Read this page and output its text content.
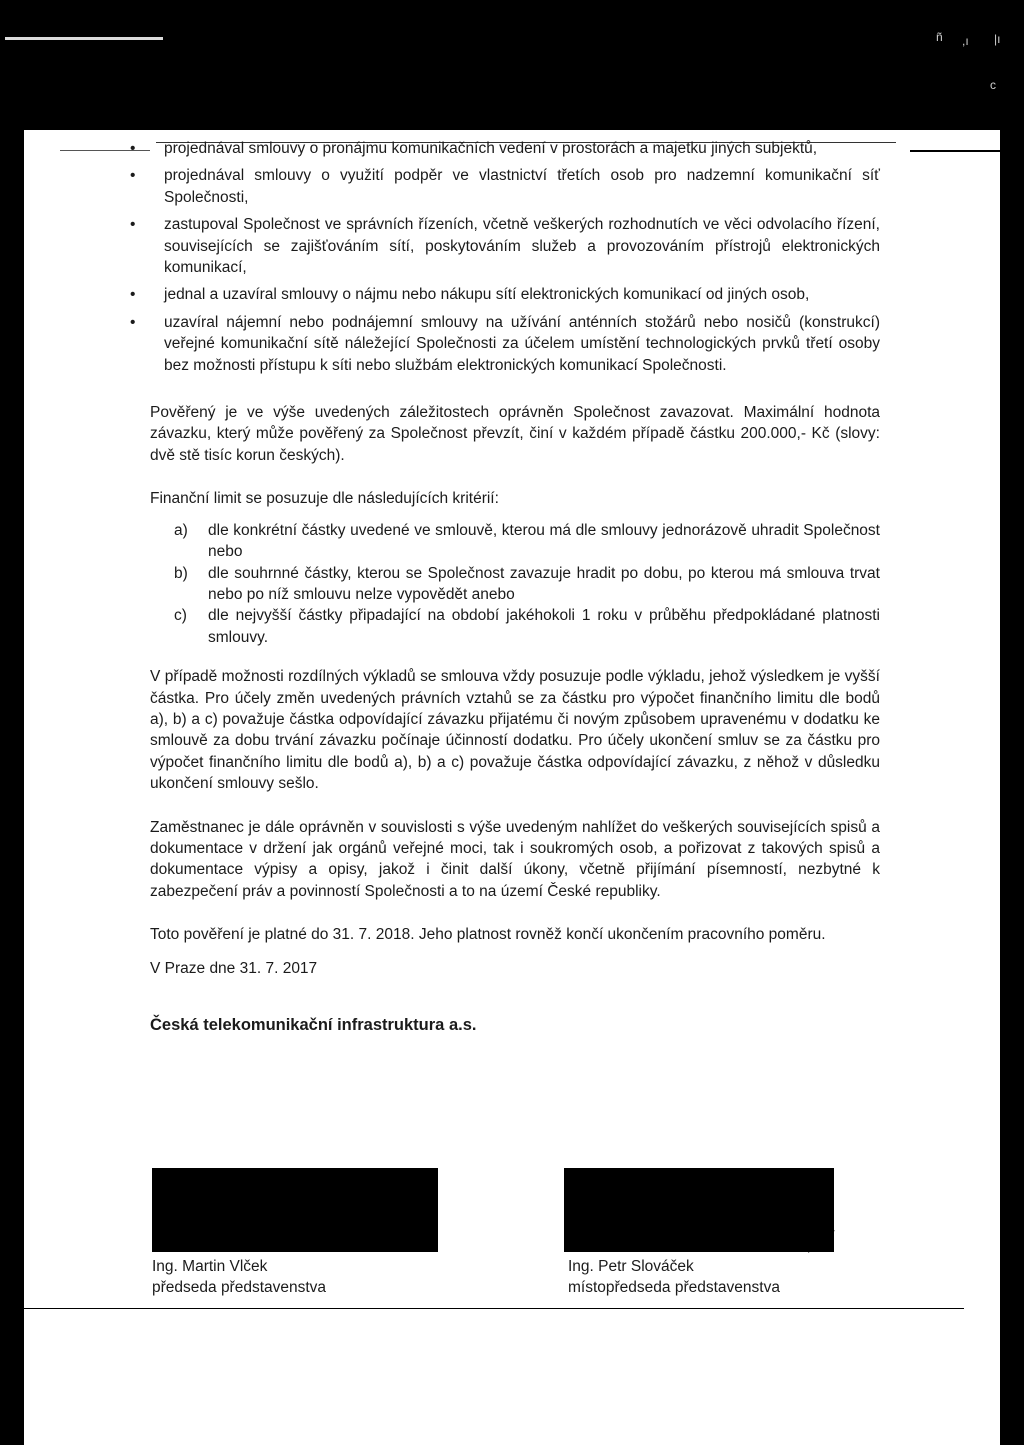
ñ ,ı |ı
c
• projednával smlouvy o pronájmu komunikačních vedení v prostorách a majetku jiných subjektů,
• projednával smlouvy o využití podpěr ve vlastnictví třetích osob pro nadzemní komunikační síť Společnosti,
• zastupoval Společnost ve správních řízeních, včetně veškerých rozhodnutích ve věci odvolacího řízení, souvisejících se zajišťováním sítí, poskytováním služeb a provozováním přístrojů elektronických komunikací,
• jednal a uzavíral smlouvy o nájmu nebo nákupu sítí elektronických komunikací od jiných osob,
• uzavíral nájemní nebo podnájemní smlouvy na užívání anténních stožárů nebo nosičů (konstrukcí) veřejné komunikační sítě náležející Společnosti za účelem umístění technologických prvků třetí osoby bez možnosti přístupu k síti nebo službám elektronických komunikací Společnosti.

Pověřený je ve výše uvedených záležitostech oprávněn Společnost zavazovat. Maximální hodnota závazku, který může pověřený za Společnost převzít, činí v každém případě částku 200.000,- Kč (slovy: dvě stě tisíc korun českých).

Finanční limit se posuzuje dle následujících kritérií:

a) dle konkrétní částky uvedené ve smlouvě, kterou má dle smlouvy jednorázově uhradit Společnost nebo
b) dle souhrnné částky, kterou se Společnost zavazuje hradit po dobu, po kterou má smlouva trvat nebo po níž smlouvu nelze vypovědět anebo
c) dle nejvyšší částky připadající na období jakéhokoli 1 roku v průběhu předpokládané platnosti smlouvy.

V případě možnosti rozdílných výkladů se smlouva vždy posuzuje podle výkladu, jehož výsledkem je vyšší částka. Pro účely změn uvedených právních vztahů se za částku pro výpočet finančního limitu dle bodů a), b) a c) považuje částka odpovídající závazku přijatému či novým způsobem upravenému v dodatku ke smlouvě za dobu trvání závazku počínaje účinností dodatku. Pro účely ukončení smluv se za částku pro výpočet finančního limitu dle bodů a), b) a c) považuje částka odpovídající závazku, z něhož v důsledku ukončení smlouvy sešlo.

Zaměstnanec je dále oprávněn v souvislosti s výše uvedeným nahlížet do veškerých souvisejících spisů a dokumentace v držení jak orgánů veřejné moci, tak i soukromých osob, a pořizovat z takových spisů a dokumentace výpisy a opisy, jakož i činit další úkony, včetně přijímání písemností, nezbytné k zabezpečení práv a povinností Společnosti a to na území České republiky.

Toto pověření je platné do 31. 7. 2018. Jeho platnost rovněž končí ukončením pracovního poměru.

V Praze dne 31. 7. 2017

Česká telekomunikační infrastruktura a.s.
Ing. Martin Vlček
předseda představenstva
Ing. Petr Slováček
místopředseda představenstva
